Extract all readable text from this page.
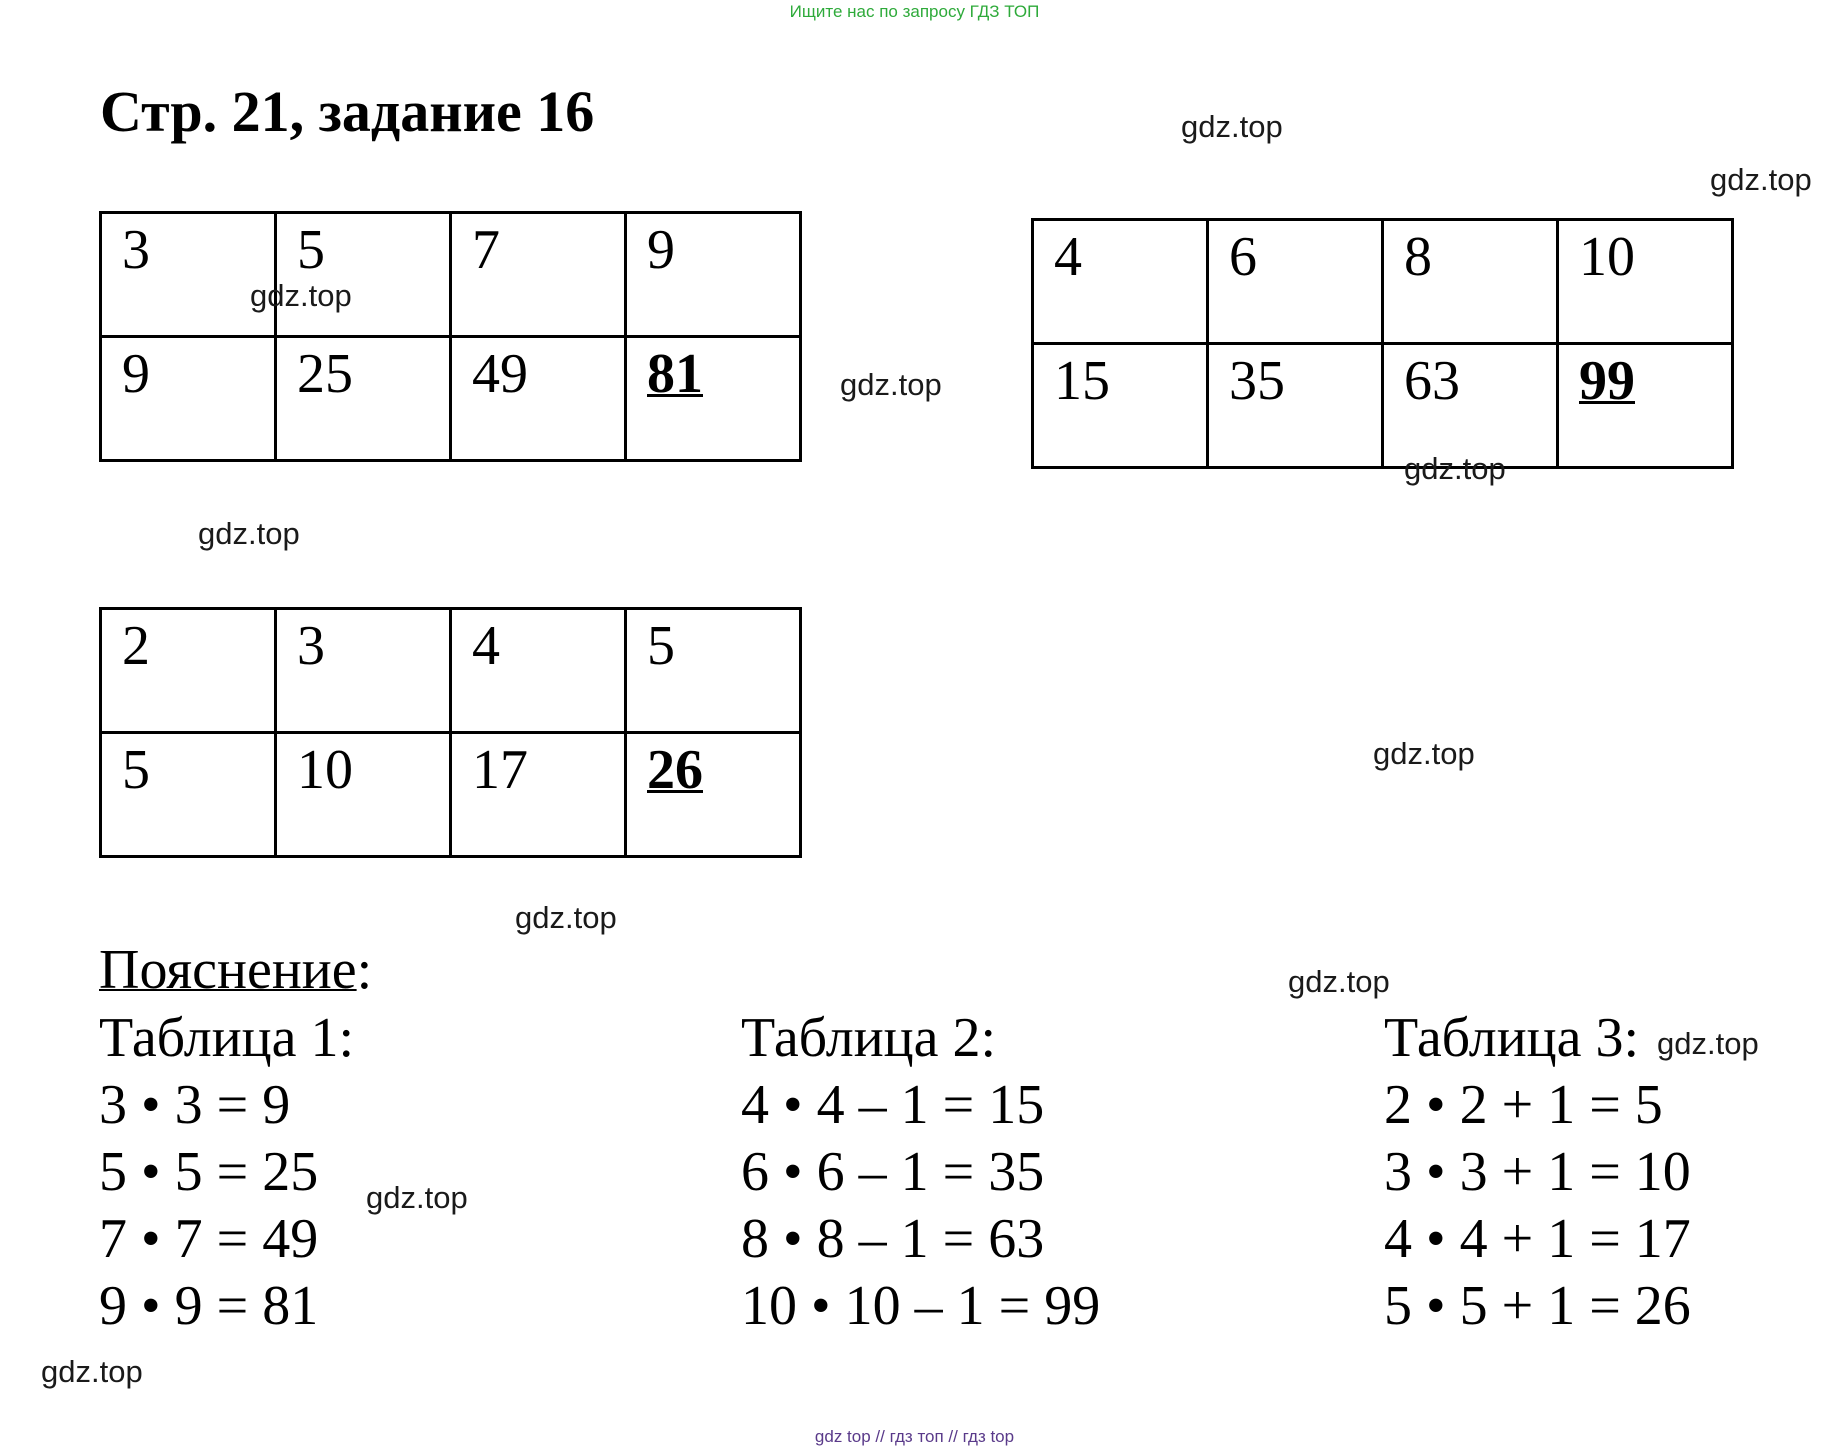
Ищите нас по запросу ГДЗ ТОП
Стр. 21, задание 16
3	5	7	9
9	25	49	81
4	6	8	10
15	35	63	99
2	3	4	5
5	10	17	26
Пояснение:
Таблица 1:
3 • 3 = 9
5 • 5 = 25
7 • 7 = 49
9 • 9 = 81
Таблица 2:
4 • 4 – 1 = 15
6 • 6 – 1 = 35
8 • 8 – 1 = 63
10 • 10 – 1 = 99
Таблица 3:
2 • 2 + 1 = 5
3 • 3 + 1 = 10
4 • 4 + 1 = 17
5 • 5 + 1 = 26
gdz.top
gdz.top
gdz.top
gdz.top
gdz.top
gdz.top
gdz.top
gdz.top
gdz.top
gdz.top
gdz.top
gdz.top
gdz top // гдз топ // гдз top
